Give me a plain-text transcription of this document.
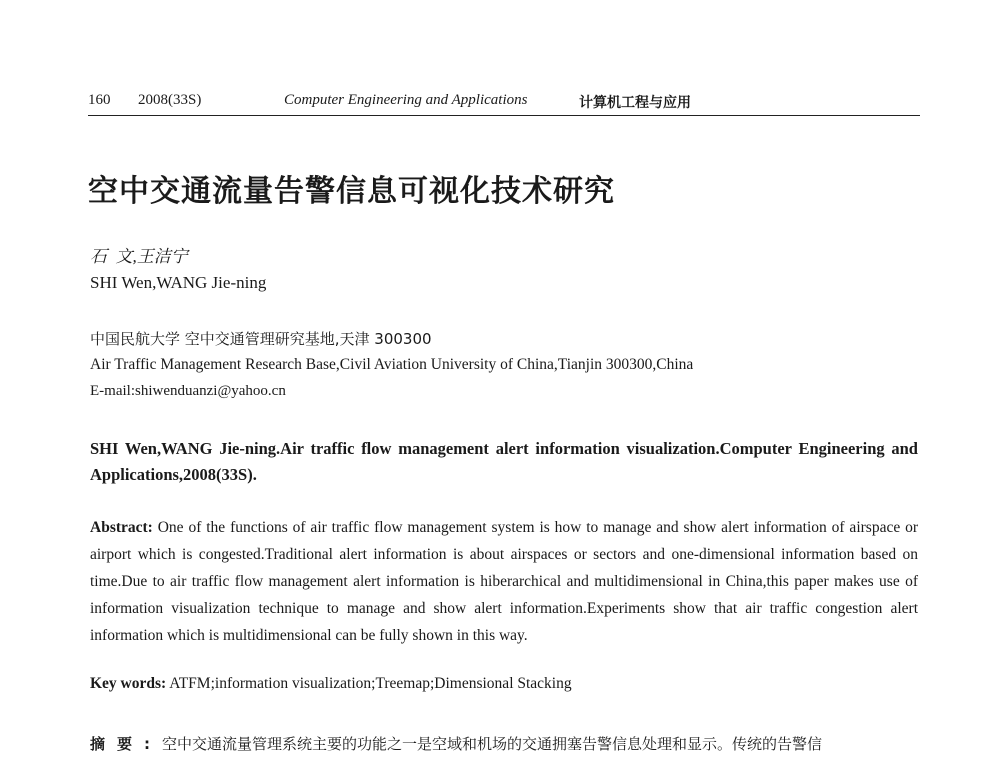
160 2008(33S)	Computer Engineering and Applications	计算机工程与应用
空中交通流量告警信息可视化技术研究
石  文,王洁宁
SHI Wen,WANG Jie-ning
中国民航大学 空中交通管理研究基地,天津 300300
Air Traffic Management Research Base,Civil Aviation University of China,Tianjin 300300,China
E-mail:shiwenduanzi@yahoo.cn
SHI Wen,WANG Jie-ning.Air traffic flow management alert information visualization.Computer Engineering and Applications,2008(33S).
Abstract: One of the functions of air traffic flow management system is how to manage and show alert information of airspace or airport which is congested.Traditional alert information is about airspaces or sectors and one-dimensional information based on time.Due to air traffic flow management alert information is hiberarchical and multidimensional in China,this paper makes use of information visualization technique to manage and show alert information.Experiments show that air traffic congestion alert information which is multidimensional can be fully shown in this way.
Key words: ATFM;information visualization;Treemap;Dimensional Stacking
摘要:空中交通流量管理系统主要的功能之一是空域和机场的交通拥塞告警信息处理和显示。传统的告警信
